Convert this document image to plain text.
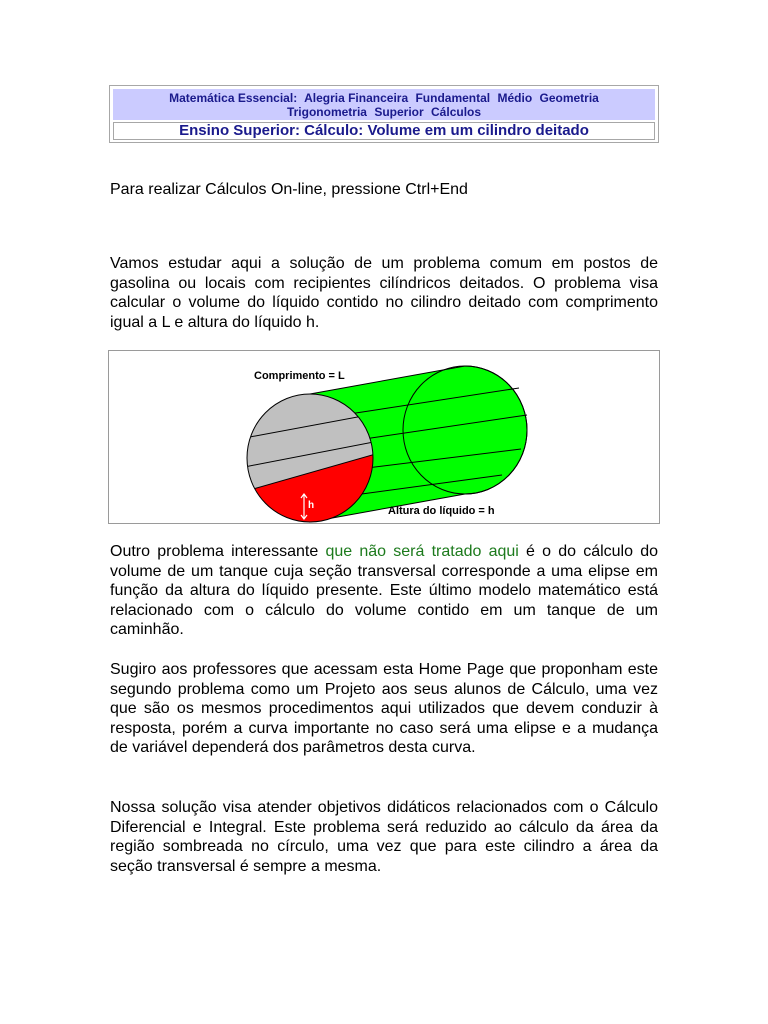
Matemática Essencial: Alegria Financeira Fundamental Médio Geometria
Trigonometria Superior Cálculos
Ensino Superior: Cálculo: Volume em um cilindro deitado
Para realizar Cálculos On-line, pressione Ctrl+End

Vamos estudar aqui a solução de um problema comum em postos de gasolina ou locais com recipientes cilíndricos deitados. O problema visa calcular o volume do líquido contido no cilindro deitado com comprimento igual a L e altura do líquido h.

h
Comprimento = L
Altura do líquido = h

Outro problema interessante que não será tratado aqui é o do cálculo do volume de um tanque cuja seção transversal corresponde a uma elipse em função da altura do líquido presente. Este último modelo matemático está relacionado com o cálculo do volume contido em um tanque de um caminhão.

Sugiro aos professores que acessam esta Home Page que proponham este segundo problema como um Projeto aos seus alunos de Cálculo, uma vez que são os mesmos procedimentos aqui utilizados que devem conduzir à resposta, porém a curva importante no caso será uma elipse e a mudança de variável dependerá dos parâmetros desta curva.

Nossa solução visa atender objetivos didáticos relacionados com o Cálculo Diferencial e Integral. Este problema será reduzido ao cálculo da área da região sombreada no círculo, uma vez que para este cilindro a área da seção transversal é sempre a mesma.
